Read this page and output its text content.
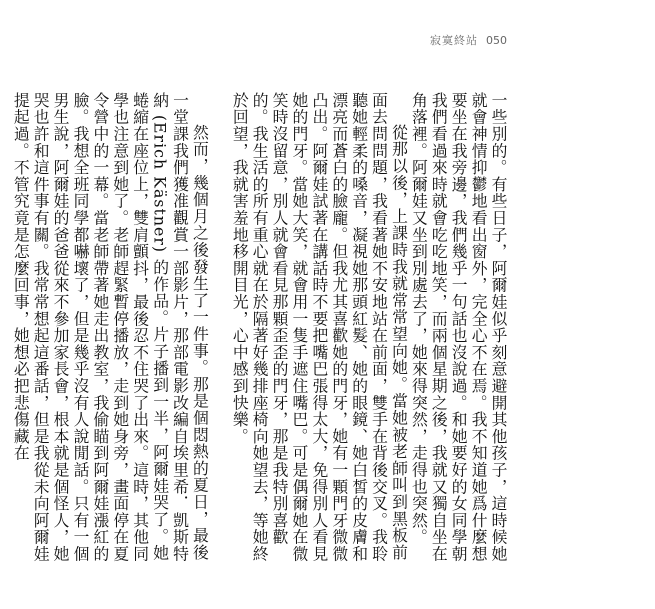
寂寞終站 050

一些別的。有些日子，阿爾娃似乎刻意避開其他孩子，這時候她就會神情抑鬱地看出窗外，完全心不在焉。我不知道她爲什麼想要坐在我旁邊，我們幾乎一句話也沒說過。和她要好的女同學朝我們看過來時就會吃吃地笑，而兩個星期之後，我就又獨自坐在角落裡。阿爾娃又坐到別處去了，她來得突然，走得也突然。

從那以後，上課時我就常常望向她。當她被老師叫到黑板前面去問問題，我看著她不安地站在前面，雙手在背後交叉。我聆聽她輕柔的嗓音，凝視她那頭紅髮、她的眼鏡、她白皙的皮膚和漂亮而蒼白的臉龐。但我尤其喜歡她的門牙，她有一顆門牙微微凸出。阿爾娃試著在講話時不要把嘴巴張得太大，免得別人看見她的門牙。當她大笑，就會用一隻手遮住嘴巴。可是偶爾她在微笑時沒留意，別人就會看見那顆歪歪的門牙，那是我特別喜歡的。我生活的所有重心就在於隔著好幾排座椅向她望去，等她終於回望，我就害羞地移開目光，心中感到快樂。

然而，幾個月之後發生了一件事。那是個悶熱的夏日，最後一堂課我們獲准觀賞一部影片，那部電影改編自埃里希．凱斯特納 (Erich Kästner) 的作品。片子播到一半，阿爾娃哭了。她蜷縮在座位上，雙肩顫抖，最後忍不住哭了出來。這時，其他同學也注意到她了。老師趕緊暫停播放，走到她身旁，畫面停在夏令營中的一幕。當老師帶著她走出教室，我偷瞄到阿爾娃漲紅的臉。我想全班同學都嚇壞了，但是幾乎沒有人說閒話。只有一個男生說，阿爾娃的爸爸從來不參加家長會，根本就是個怪人，她哭也許和這件事有關。我常常想起這番話，但是我從未向阿爾娃提起過。不管究竟是怎麼回事，她想必把悲傷藏在
